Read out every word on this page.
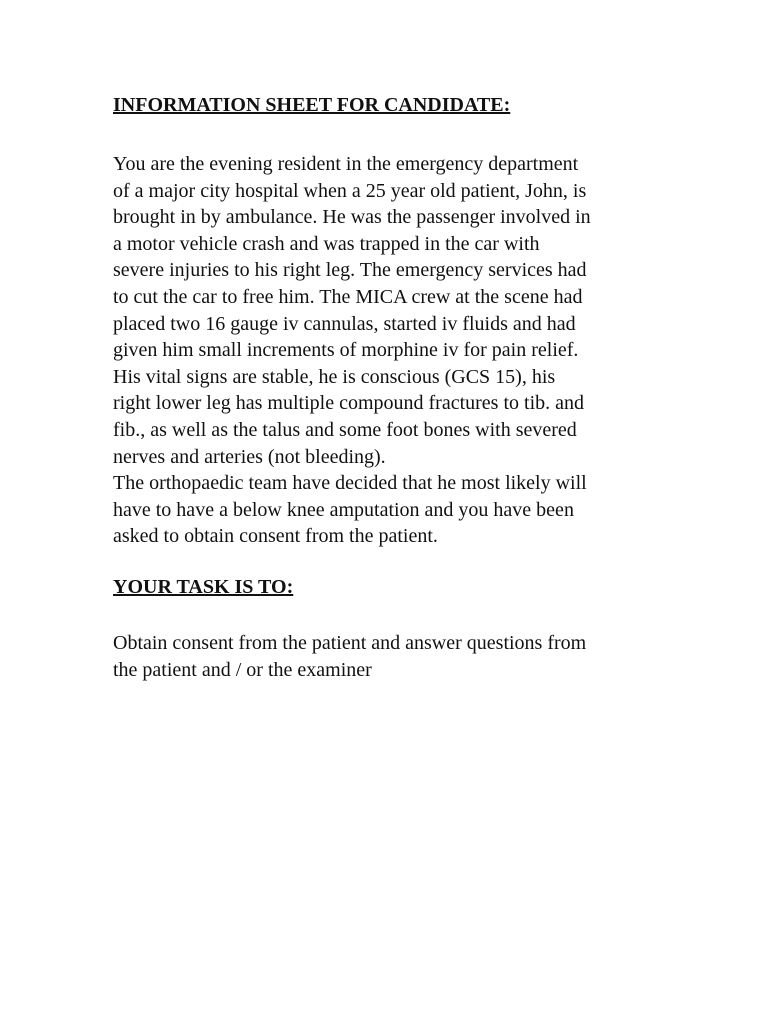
INFORMATION SHEET FOR CANDIDATE:
You are the evening resident in the emergency department
of a major city hospital when a 25 year old patient, John, is
brought in by ambulance. He was the passenger involved in
a motor vehicle crash and was trapped in the car with
severe injuries to his right leg. The emergency services had
to cut the car to free him. The MICA crew at the scene had
placed two 16 gauge iv cannulas, started iv fluids and had
given him small increments of morphine iv for pain relief.
His vital signs are stable, he is conscious (GCS 15), his
right lower leg has multiple compound fractures to tib. and
fib., as well as the talus and some foot bones with severed
nerves and arteries (not bleeding).
The orthopaedic team have decided that he most likely will
have to have a below knee amputation and you have been
asked to obtain consent from the patient.
YOUR TASK IS TO:
Obtain consent from the patient and answer questions from
the patient and / or the examiner
